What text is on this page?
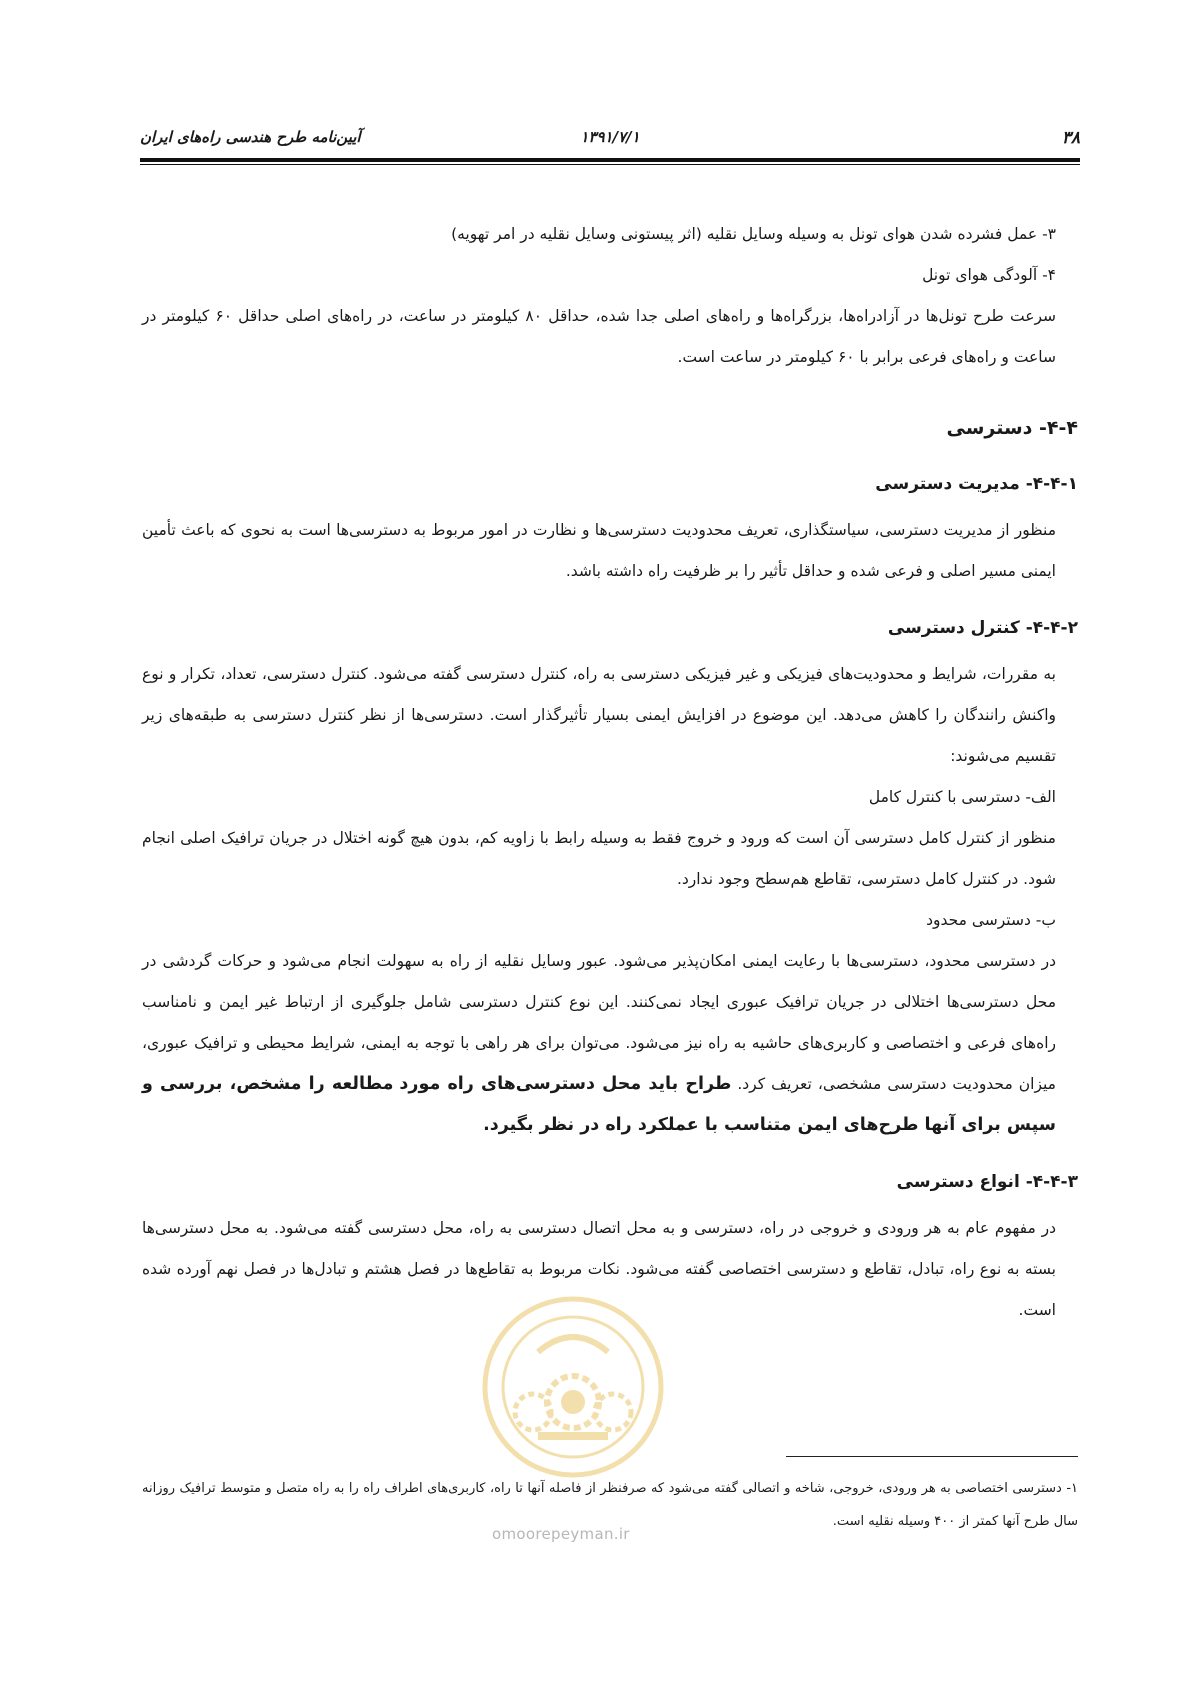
۳۸
۱۳۹۱/۷/۱
آیین‌نامه طرح هندسی راه‌های ایران

۳- عمل فشرده شدن هوای تونل به وسیله وسایل نقلیه (اثر پیستونی وسایل نقلیه در امر تهویه)

۴- آلودگی هوای تونل

سرعت طرح تونل‌ها در آزادراه‌ها، بزرگراه‌ها و راه‌های اصلی جدا شده، حداقل ۸۰ کیلومتر در ساعت، در راه‌های اصلی حداقل ۶۰ کیلومتر در ساعت و راه‌های فرعی برابر با ۶۰ کیلومتر در ساعت است.

۴-۴- دسترسی

۴-۴-۱- مدیریت دسترسی

منظور از مدیریت دسترسی، سیاستگذاری، تعریف محدودیت دسترسی‌ها و نظارت در امور مربوط به دسترسی‌ها است به نحوی که باعث تأمین ایمنی مسیر اصلی و فرعی شده و حداقل تأثیر را بر ظرفیت راه داشته باشد.

۴-۴-۲- کنترل دسترسی

به مقررات، شرایط و محدودیت‌های فیزیکی و غیر فیزیکی دسترسی به راه، کنترل دسترسی گفته می‌شود. کنترل دسترسی، تعداد، تکرار و نوع واکنش رانندگان را کاهش می‌دهد. این موضوع در افزایش ایمنی بسیار تأثیرگذار است. دسترسی‌ها از نظر کنترل دسترسی به طبقه‌های زیر تقسیم می‌شوند:

الف- دسترسی با کنترل کامل

منظور از کنترل کامل دسترسی آن است که ورود و خروج فقط به وسیله رابط با زاویه کم، بدون هیچ گونه اختلال در جریان ترافیک اصلی انجام شود. در کنترل کامل دسترسی، تقاطع هم‌سطح وجود ندارد.

ب- دسترسی محدود

در دسترسی محدود، دسترسی‌ها با رعایت ایمنی امکان‌پذیر می‌شود. عبور وسایل نقلیه از راه به سهولت انجام می‌شود و حرکات گردشی در محل دسترسی‌ها اختلالی در جریان ترافیک عبوری ایجاد نمی‌کنند. این نوع کنترل دسترسی شامل جلوگیری از ارتباط غیر ایمن و نامناسب راه‌های فرعی و اختصاصی و کاربری‌های حاشیه به راه نیز می‌شود. می‌توان برای هر راهی با توجه به ایمنی، شرایط محیطی و ترافیک عبوری، میزان محدودیت دسترسی مشخصی، تعریف کرد. طراح باید محل دسترسی‌های راه مورد مطالعه را مشخص، بررسی و سپس برای آنها طرح‌های ایمن متناسب با عملکرد راه در نظر بگیرد.

۴-۴-۳- انواع دسترسی

در مفهوم عام به هر ورودی و خروجی در راه، دسترسی و به محل اتصال دسترسی به راه، محل دسترسی گفته می‌شود. به محل دسترسی‌ها بسته به نوع راه، تبادل، تقاطع و دسترسی اختصاصی گفته می‌شود. نکات مربوط به تقاطع‌ها در فصل هشتم و تبادل‌ها در فصل نهم آورده شده است.

۱- دسترسی اختصاصی به هر ورودی، خروجی، شاخه و اتصالی گفته می‌شود که صرفنظر از فاصله آنها تا راه، کاربری‌های اطراف راه را به راه متصل و متوسط ترافیک روزانه سال طرح آنها کمتر از ۴۰۰ وسیله نقلیه است.

omoorepeyman.ir
